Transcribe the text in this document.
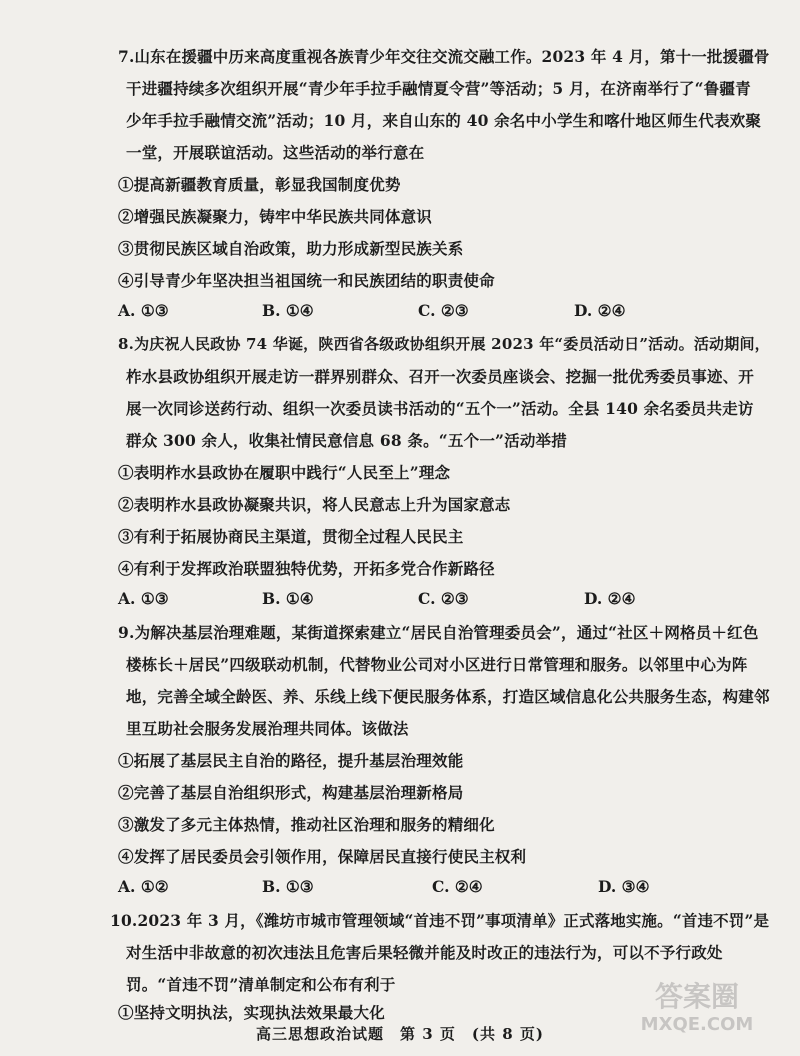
7.山东在援疆中历来高度重视各族青少年交往交流交融工作。2023 年 4 月，第十一批援疆骨
干进疆持续多次组织开展“青少年手拉手融情夏令营”等活动；5 月，在济南举行了“鲁疆青
少年手拉手融情交流”活动；10 月，来自山东的 40 余名中小学生和喀什地区师生代表欢聚
一堂，开展联谊活动。这些活动的举行意在
①提高新疆教育质量，彰显我国制度优势
②增强民族凝聚力，铸牢中华民族共同体意识
③贯彻民族区域自治政策，助力形成新型民族关系
④引导青少年坚决担当祖国统一和民族团结的职责使命
A. ①③	B. ①④	C. ②③	D. ②④
8.为庆祝人民政协 74 华诞，陕西省各级政协组织开展 2023 年“委员活动日”活动。活动期间，
柞水县政协组织开展走访一群界别群众、召开一次委员座谈会、挖掘一批优秀委员事迹、开
展一次同诊送药行动、组织一次委员读书活动的“五个一”活动。全县 140 余名委员共走访
群众 300 余人，收集社情民意信息 68 条。“五个一”活动举措
①表明柞水县政协在履职中践行“人民至上”理念
②表明柞水县政协凝聚共识，将人民意志上升为国家意志
③有利于拓展协商民主渠道，贯彻全过程人民民主
④有利于发挥政治联盟独特优势，开拓多党合作新路径
A. ①③	B. ①④	C. ②③	D. ②④
9.为解决基层治理难题，某街道探索建立“居民自治管理委员会”，通过“社区＋网格员＋红色
楼栋长＋居民”四级联动机制，代替物业公司对小区进行日常管理和服务。以邻里中心为阵
地，完善全域全龄医、养、乐线上线下便民服务体系，打造区域信息化公共服务生态，构建邻
里互助社会服务发展治理共同体。该做法
①拓展了基层民主自治的路径，提升基层治理效能
②完善了基层自治组织形式，构建基层治理新格局
③激发了多元主体热情，推动社区治理和服务的精细化
④发挥了居民委员会引领作用，保障居民直接行使民主权利
A. ①②	B. ①③	C. ②④	D. ③④
10.2023 年 3 月，《潍坊市城市管理领域“首违不罚”事项清单》正式落地实施。“首违不罚”是
对生活中非故意的初次违法且危害后果轻微并能及时改正的违法行为，可以不予行政处
罚。“首违不罚”清单制定和公布有利于
①坚持文明执法，实现执法效果最大化
高三思想政治试题　第 3 页　(共 8 页)
答案圈
MXQE.COM
